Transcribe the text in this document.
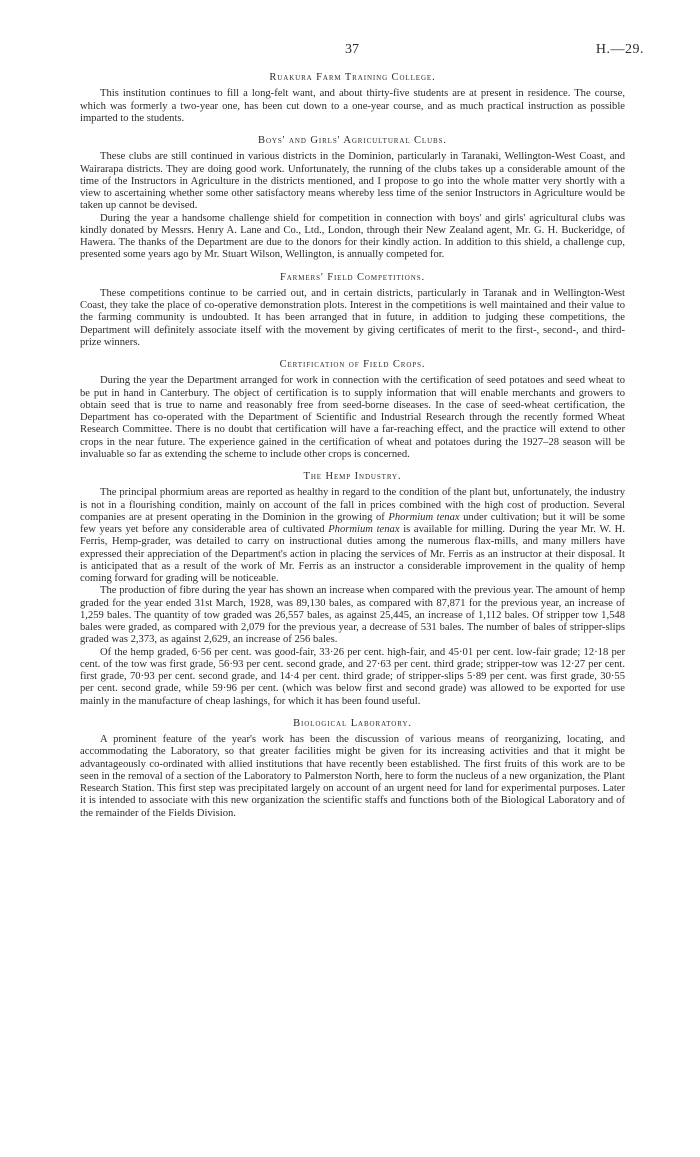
37	H.—29.
Ruakura Farm Training College.

This institution continues to fill a long-felt want, and about thirty-five students are at present in residence. The course, which was formerly a two-year one, has been cut down to a one-year course, and as much practical instruction as possible imparted to the students.

Boys' and Girls' Agricultural Clubs.

These clubs are still continued in various districts in the Dominion, particularly in Taranaki, Wellington-West Coast, and Wairarapa districts. They are doing good work. Unfortunately, the running of the clubs takes up a considerable amount of the time of the Instructors in Agriculture in the districts mentioned, and I propose to go into the whole matter very shortly with a view to ascertaining whether some other satisfactory means whereby less time of the senior Instructors in Agriculture would be taken up cannot be devised.

During the year a handsome challenge shield for competition in connection with boys' and girls' agricultural clubs was kindly donated by Messrs. Henry A. Lane and Co., Ltd., London, through their New Zealand agent, Mr. G. H. Buckeridge, of Hawera. The thanks of the Department are due to the donors for their kindly action. In addition to this shield, a challenge cup, presented some years ago by Mr. Stuart Wilson, Wellington, is annually competed for.

Farmers' Field Competitions.

These competitions continue to be carried out, and in certain districts, particularly in Taranak and in Wellington-West Coast, they take the place of co-operative demonstration plots. Interest in the competitions is well maintained and their value to the farming community is undoubted. It has been arranged that in future, in addition to judging these competitions, the Department will definitely associate itself with the movement by giving certificates of merit to the first-, second-, and third-prize winners.

Certification of Field Crops.

During the year the Department arranged for work in connection with the certification of seed potatoes and seed wheat to be put in hand in Canterbury. The object of certification is to supply information that will enable merchants and growers to obtain seed that is true to name and reasonably free from seed-borne diseases. In the case of seed-wheat certification, the Department has co-operated with the Department of Scientific and Industrial Research through the recently formed Wheat Research Committee. There is no doubt that certification will have a far-reaching effect, and the practice will extend to other crops in the near future. The experience gained in the certification of wheat and potatoes during the 1927–28 season will be invaluable so far as extending the scheme to include other crops is concerned.

The Hemp Industry.

The principal phormium areas are reported as healthy in regard to the condition of the plant but, unfortunately, the industry is not in a flourishing condition, mainly on account of the fall in prices combined with the high cost of production. Several companies are at present operating in the Dominion in the growing of Phormium tenax under cultivation; but it will be some few years yet before any considerable area of cultivated Phormium tenax is available for milling. During the year Mr. W. H. Ferris, Hemp-grader, was detailed to carry on instructional duties among the numerous flax-mills, and many millers have expressed their appreciation of the Department's action in placing the services of Mr. Ferris as an instructor at their disposal. It is anticipated that as a result of the work of Mr. Ferris as an instructor a considerable improvement in the quality of hemp coming forward for grading will be noticeable.

The production of fibre during the year has shown an increase when compared with the previous year. The amount of hemp graded for the year ended 31st March, 1928, was 89,130 bales, as compared with 87,871 for the previous year, an increase of 1,259 bales. The quantity of tow graded was 26,557 bales, as against 25,445, an increase of 1,112 bales. Of stripper tow 1,548 bales were graded, as compared with 2,079 for the previous year, a decrease of 531 bales. The number of bales of stripper-slips graded was 2,373, as against 2,629, an increase of 256 bales.

Of the hemp graded, 6·56 per cent. was good-fair, 33·26 per cent. high-fair, and 45·01 per cent. low-fair grade; 12·18 per cent. of the tow was first grade, 56·93 per cent. second grade, and 27·63 per cent. third grade; stripper-tow was 12·27 per cent. first grade, 70·93 per cent. second grade, and 14·4 per cent. third grade; of stripper-slips 5·89 per cent. was first grade, 30·55 per cent. second grade, while 59·96 per cent. (which was below first and second grade) was allowed to be exported for use mainly in the manufacture of cheap lashings, for which it has been found useful.

Biological Laboratory.

A prominent feature of the year's work has been the discussion of various means of reorganizing, locating, and accommodating the Laboratory, so that greater facilities might be given for its increasing activities and that it might be advantageously co-ordinated with allied institutions that have recently been established. The first fruits of this work are to be seen in the removal of a section of the Laboratory to Palmerston North, here to form the nucleus of a new organization, the Plant Research Station. This first step was precipitated largely on account of an urgent need for land for experimental purposes. Later it is intended to associate with this new organization the scientific staffs and functions both of the Biological Laboratory and of the remainder of the Fields Division.
